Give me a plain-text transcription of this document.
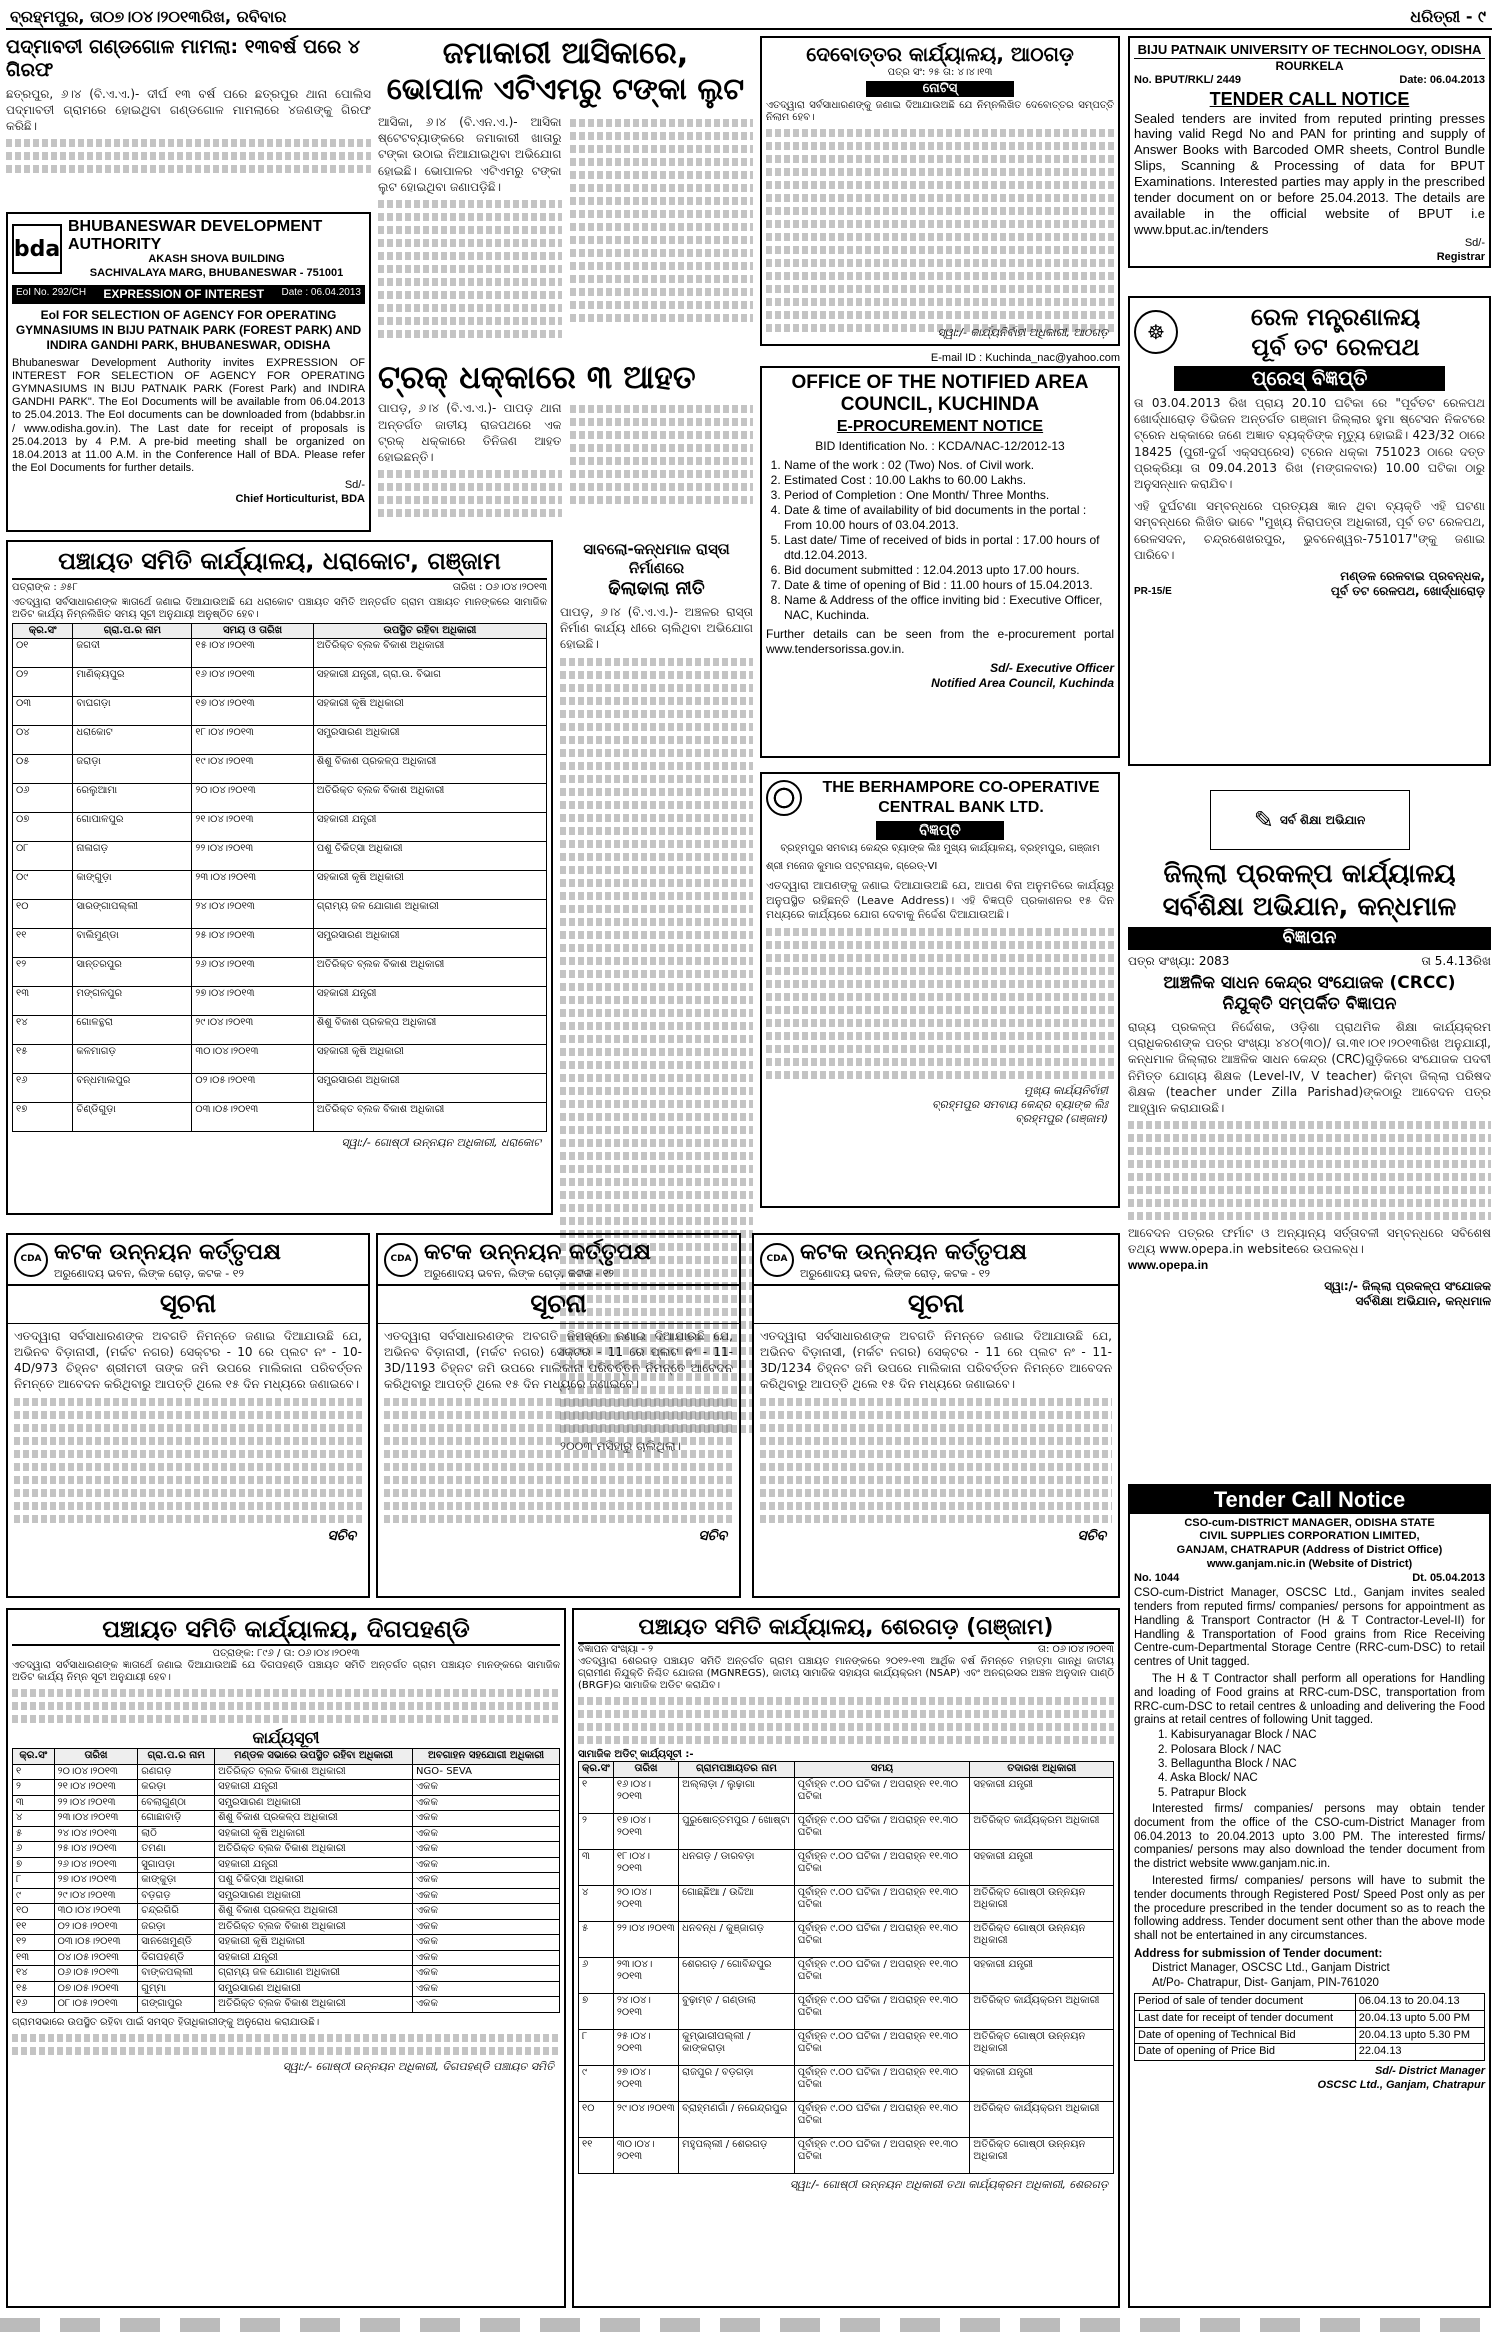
ବ୍ରହ୍ମପୁର, ତା୦୭।୦୪।୨୦୧୩ରିଖ, ରବିବାର	ଧରିତ୍ରୀ - ୯
ପଦ୍ମାବତୀ ଗଣ୍ଡଗୋଳ ମାମଲା: ୧୩ବର୍ଷ ପରେ ୪ ଗିରଫ
ଛତ୍ରପୁର, ୬।୪ (ବି.ଏ.ଏ.)- ଦୀର୍ଘ ୧୩ ବର୍ଷ ପରେ ଛତ୍ରପୁର ଥାନା ପୋଲିସ ପଦ୍ମାବତୀ ଗ୍ରାମରେ ହୋଇଥିବା ଗଣ୍ଡଗୋଳ ମାମଲାରେ ୪ଜଣଙ୍କୁ ଗିରଫ କରିଛି।
bda
BHUBANESWAR DEVELOPMENT AUTHORITY
AKASH SHOVA BUILDING
SACHIVALAYA MARG, BHUBANESWAR - 751001
EoI No. 292/CH EXPRESSION OF INTEREST Date : 06.04.2013
EoI FOR SELECTION OF AGENCY FOR OPERATING GYMNASIUMS IN BIJU PATNAIK PARK (FOREST PARK) AND INDIRA GANDHI PARK, BHUBANESWAR, ODISHA
Bhubaneswar Development Authority invites EXPRESSION OF INTEREST FOR SELECTION OF AGENCY FOR OPERATING GYMNASIUMS IN BIJU PATNAIK PARK (Forest Park) and INDIRA GANDHI PARK". The EoI Documents will be available from 06.04.2013 to 25.04.2013. The EoI documents can be downloaded from (bdabbsr.in / www.odisha.gov.in). The Last date for receipt of proposals is 25.04.2013 by 4 P.M. A pre-bid meeting shall be organized on 18.04.2013 at 11.00 A.M. in the Conference Hall of BDA. Please refer the EoI Documents for further details.
Sd/-
Chief Horticulturist, BDA
ଜମାକାରୀ ଆସିକାରେ,
ଭୋପାଳ ଏଟିଏମରୁ ଟଙ୍କା ଲୁଟ
ଆସିକା, ୬।୪ (ବି.ଏନ.ଏ.)- ଆସିକା ଷ୍ଟେଟବ୍ୟାଙ୍କରେ ଜମାକାରୀ ଖାତାରୁ ଟଙ୍କା ଉଠାଇ ନିଆଯାଇଥିବା ଅଭିଯୋଗ ହୋଇଛି। ଭୋପାଳର ଏଟିଏମରୁ ଟଙ୍କା ଲୁଟ ହୋଇଥିବା ଜଣାପଡ଼ିଛି।
ଟ୍ରକ୍ ଧକ୍କାରେ ୩ ଆହତ
ପାପଡ଼, ୬।୪ (ବି.ଏ.ଏ.)- ପାପଡ଼ ଥାନା ଅନ୍ତର୍ଗତ ଜାତୀୟ ରାଜପଥରେ ଏକ ଟ୍ରକ୍ ଧକ୍କାରେ ତିନିଜଣ ଆହତ ହୋଇଛନ୍ତି।
ପଞ୍ଚାୟତ ସମିତି କାର୍ଯ୍ୟାଳୟ, ଧରାକୋଟ, ଗଞ୍ଜାମ
ପତ୍ରାଙ୍କ : ୬୫୮	ତାରିଖ : ୦୬।୦୪।୨୦୧୩
ଏତଦ୍ୱାରା ସର୍ବସାଧାରଣଙ୍କ ଜ୍ଞାତାର୍ଥେ ଜଣାଇ ଦିଆଯାଉଅଛି ଯେ ଧରାକୋଟ ପଞ୍ଚାୟତ ସମିତି ଅନ୍ତର୍ଗତ ଗ୍ରାମ ପଞ୍ଚାୟତ ମାନଙ୍କରେ ସାମାଜିକ ଅଡିଟ କାର୍ଯ୍ୟ ନିମ୍ନଲିଖିତ ସମୟ ସୂଚୀ ଅନୁଯାୟୀ ଅନୁଷ୍ଠିତ ହେବ।
କ୍ର.ସଂ	ଗ୍ରା.ପ.ର ନାମ	ସମୟ ଓ ତାରିଖ	ଉପସ୍ଥିତ ରହିବା ଅଧିକାରୀ
୦୧	ଜଗଦୀ	୧୫।୦୪।୨୦୧୩	ଅତିରିକ୍ତ ବ୍ଲକ ବିକାଶ ଅଧିକାରୀ
୦୨	ମାଣିକ୍ୟପୁର	୧୬।୦୪।୨୦୧୩	ସହକାରୀ ଯନ୍ତ୍ରୀ, ଗ୍ରା.ଉ. ବିଭାଗ
୦୩	ବାଘଗଡ଼ା	୧୭।୦୪।୨୦୧୩	ସହକାରୀ କୃଷି ଅଧିକାରୀ
୦୪	ଧରାକୋଟ	୧୮।୦୪।୨୦୧୩	ସମ୍ପ୍ରସାରଣ ଅଧିକାରୀ
୦୫	ଜରାଡ଼ା	୧୯।୦୪।୨୦୧୩	ଶିଶୁ ବିକାଶ ପ୍ରକଳ୍ପ ଅଧିକାରୀ
୦୬	ରେଲୁଆମା	୨୦।୦୪।୨୦୧୩	ଅତିରିକ୍ତ ବ୍ଲକ ବିକାଶ ଅଧିକାରୀ
୦୭	ଗୋପାଳପୁର	୨୧।୦୪।୨୦୧୩	ସହକାରୀ ଯନ୍ତ୍ରୀ
୦୮	ନାଳାଗଡ଼	୨୨।୦୪।୨୦୧୩	ପଶୁ ଚିକିତ୍ସା ଅଧିକାରୀ
୦୯	କାଙ୍ଗୁଡ଼ା	୨୩।୦୪।୨୦୧୩	ସହକାରୀ କୃଷି ଅଧିକାରୀ
୧୦	ସାରଙ୍ଗାପଲ୍ଲୀ	୨୪।୦୪।୨୦୧୩	ଗ୍ରାମ୍ୟ ଜଳ ଯୋଗାଣ ଅଧିକାରୀ
୧୧	ବାଲିମୁଣ୍ଡା	୨୫।୦୪।୨୦୧୩	ସମ୍ପ୍ରସାରଣ ଅଧିକାରୀ
୧୨	ସାନ୍ତରପୁର	୨୬।୦୪।୨୦୧୩	ଅତିରିକ୍ତ ବ୍ଲକ ବିକାଶ ଅଧିକାରୀ
୧୩	ମଙ୍ଗଳପୁର	୨୭।୦୪।୨୦୧୩	ସହକାରୀ ଯନ୍ତ୍ରୀ
୧୪	ଗୋଳନ୍ଥରା	୨୯।୦୪।୨୦୧୩	ଶିଶୁ ବିକାଶ ପ୍ରକଳ୍ପ ଅଧିକାରୀ
୧୫	କଳମାଗଡ଼	୩୦।୦୪।୨୦୧୩	ସହକାରୀ କୃଷି ଅଧିକାରୀ
୧୬	ବନ୍ଧମାଲପୁର	୦୨।୦୫।୨୦୧୩	ସମ୍ପ୍ରସାରଣ ଅଧିକାରୀ
୧୭	ଚିଣ୍ଡିଗୁଡ଼ା	୦୩।୦୫।୨୦୧୩	ଅତିରିକ୍ତ ବ୍ଲକ ବିକାଶ ଅଧିକାରୀ
ସ୍ୱା:/- ଗୋଷ୍ଠୀ ଉନ୍ନୟନ ଅଧିକାରୀ, ଧରାକୋଟ
ସାବଲୋ-କନ୍ଧମାଳ ରାସ୍ତା ନିର୍ମାଣରେ
ଢିଲାଢାଲା ନୀତି
ପାପଡ଼, ୬।୪ (ବି.ଏ.ଏ.)- ଅଞ୍ଚଳର ରାସ୍ତା ନିର୍ମାଣ କାର୍ଯ୍ୟ ଧୀରେ ଚାଲିଥିବା ଅଭିଯୋଗ ହୋଇଛି।
୨୦୦୩ ମସିହାରୁ ଚାଲିଥିଲା।
ଦେବୋତ୍ତର କାର୍ଯ୍ୟାଳୟ, ଆଠଗଡ଼
ପତ୍ର ସଂ: ୨୫ ତା: ୪।୪।୧୩
ନୋଟିସ୍
ଏତଦ୍ୱାରା ସର୍ବସାଧାରଣଙ୍କୁ ଜଣାଇ ଦିଆଯାଉଅଛି ଯେ ନିମ୍ନଲିଖିତ ଦେବୋତ୍ତର ସମ୍ପତ୍ତି ନିଲାମ ହେବ।
ସ୍ୱା:/- କାର୍ଯ୍ୟନିର୍ବାହୀ ଅଧିକାରୀ, ଆଠଗଡ଼
E-mail ID : Kuchinda_nac@yahoo.com
OFFICE OF THE NOTIFIED AREA COUNCIL, KUCHINDA
E-PROCUREMENT NOTICE
BID Identification No. : KCDA/NAC-12/2012-13
1. Name of the work : 02 (Two) Nos. of Civil work.
2. Estimated Cost : 10.00 Lakhs to 60.00 Lakhs.
3. Period of Completion : One Month/ Three Months.
4. Date & time of availability of bid documents in the portal : From 10.00 hours of 03.04.2013.
5. Last date/ Time of received of bids in portal : 17.00 hours of dtd.12.04.2013.
6. Bid document submitted : 12.04.2013 upto 17.00 hours.
7. Date & time of opening of Bid : 11.00 hours of 15.04.2013.
8. Name & Address of the office inviting bid : Executive Officer, NAC, Kuchinda.
Further details can be seen from the e-procurement portal www.tendersorissa.gov.in.
Sd/- Executive Officer
Notified Area Council, Kuchinda
THE BERHAMPORE CO-OPERATIVE
CENTRAL BANK LTD.
ବିଜ୍ଞପ୍ତି
ବ୍ରହ୍ମପୁର ସମବାୟ କେନ୍ଦ୍ର ବ୍ୟାଙ୍କ ଲିଃ ମୁଖ୍ୟ କାର୍ଯ୍ୟାଳୟ, ବ୍ରହ୍ମପୁର, ଗଞ୍ଜାମ
ଶ୍ରୀ ମନୋଜ କୁମାର ପଟ୍ଟନାୟକ, ଗ୍ରେଡ୍-VI
ଏତଦ୍ୱାରା ଆପଣଙ୍କୁ ଜଣାଇ ଦିଆଯାଉଅଛି ଯେ, ଆପଣ ବିନା ଅନୁମତିରେ କାର୍ଯ୍ୟରୁ ଅନୁପସ୍ଥିତ ରହିଛନ୍ତି (Leave Address)। ଏହି ବିଜ୍ଞପ୍ତି ପ୍ରକାଶନର ୧୫ ଦିନ ମଧ୍ୟରେ କାର୍ଯ୍ୟରେ ଯୋଗ ଦେବାକୁ ନିର୍ଦ୍ଦେଶ ଦିଆଯାଉଅଛି।
ମୁଖ୍ୟ କାର୍ଯ୍ୟନିର୍ବାହୀ
ବ୍ରହ୍ମପୁର ସମବାୟ କେନ୍ଦ୍ର ବ୍ୟାଙ୍କ ଲିଃ
ବ୍ରହ୍ମପୁର (ଗଞ୍ଜାମ)
BIJU PATNAIK UNIVERSITY OF TECHNOLOGY, ODISHA
ROURKELA
No. BPUT/RKL/ 2449	Date: 06.04.2013
TENDER CALL NOTICE
Sealed tenders are invited from reputed printing presses having valid Regd No and PAN for printing and supply of Answer Books with Barcoded OMR sheets, Control Bundle Slips, Scanning & Processing of data for BPUT Examinations. Interested parties may apply in the prescribed tender document on or before 25.04.2013. The details are available in the official website of BPUT i.e www.bput.ac.in/tenders
Sd/-
Registrar
☸
ରେଳ ମନ୍ତ୍ରଣାଳୟ
ପୂର୍ବ ତଟ ରେଳପଥ
ପ୍ରେସ୍ ବିଜ୍ଞପ୍ତି
ତା 03.04.2013 ରିଖ ପ୍ରାୟ 20.10 ଘଟିକା ରେ "ପୂର୍ବତଟ ରେଳପଥ ଖୋର୍ଦ୍ଧାରୋଡ଼ ଡିଭିଜନ ଅନ୍ତର୍ଗତ ଗଞ୍ଜାମ ଜିଲ୍ଲାର ହୁମା ଷ୍ଟେସନ ନିକଟରେ ଟ୍ରେନ ଧକ୍କାରେ ଜଣେ ଅଜ୍ଞାତ ବ୍ୟକ୍ତିଙ୍କ ମୃତ୍ୟୁ ହୋଇଛି। 423/32 ଠାରେ 18425 (ପୁରୀ-ଦୁର୍ଗ ଏକ୍ସପ୍ରେସ) ଟ୍ରେନ ଧକ୍କା 751023 ଠାରେ ଦତ୍ତ ପ୍ରକ୍ରିୟା ତା 09.04.2013 ରିଖ (ମଙ୍ଗଳବାର) 10.00 ଘଟିକା ଠାରୁ ଅନୁସନ୍ଧାନ କରାଯିବ।
ଏହି ଦୁର୍ଘଟଣା ସମ୍ବନ୍ଧରେ ପ୍ରତ୍ୟକ୍ଷ ଜ୍ଞାନ ଥିବା ବ୍ୟକ୍ତି ଏହି ଘଟଣା ସମ୍ବନ୍ଧରେ ଲିଖିତ ଭାବେ "ମୁଖ୍ୟ ନିରାପତ୍ତା ଅଧିକାରୀ, ପୂର୍ବ ତଟ ରେଳପଥ, ରେଳସଦନ, ଚନ୍ଦ୍ରଶେଖରପୁର, ଭୁବନେଶ୍ୱର-751017"ଙ୍କୁ ଜଣାଇ ପାରିବେ।
PR-15/E
ମଣ୍ଡଳ ରେଳବାଇ ପ୍ରବନ୍ଧକ,
ପୂର୍ବ ତଟ ରେଳପଥ, ଖୋର୍ଦ୍ଧାରୋଡ଼
✎ ସର୍ବ ଶିକ୍ଷା ଅଭିଯାନ
ଜିଲ୍ଲା ପ୍ରକଳ୍ପ କାର୍ଯ୍ୟାଳୟ
ସର୍ବଶିକ୍ଷା ଅଭିଯାନ, କନ୍ଧମାଳ
ବିଜ୍ଞାପନ
ପତ୍ର ସଂଖ୍ୟା: 2083	ତା 5.4.13ରିଖ
ଆଞ୍ଚଳିକ ସାଧନ କେନ୍ଦ୍ର ସଂଯୋଜକ (CRCC)
ନିଯୁକ୍ତି ସମ୍ପର୍କିତ ବିଜ୍ଞାପନ
ରାଜ୍ୟ ପ୍ରକଳ୍ପ ନିର୍ଦ୍ଦେଶକ, ଓଡ଼ିଶା ପ୍ରାଥମିକ ଶିକ୍ଷା କାର୍ଯ୍ୟକ୍ରମ ପ୍ରାଧିକରଣଙ୍କ ପତ୍ର ସଂଖ୍ୟା ୪୪୦(୩୦)/ ତା.୩୧।୦୧।୨୦୧୩ରିଖ ଅନୁଯାୟୀ, କନ୍ଧମାଳ ଜିଲ୍ଲାର ଆଞ୍ଚଳିକ ସାଧନ କେନ୍ଦ୍ର (CRC)ଗୁଡ଼ିକରେ ସଂଯୋଜକ ପଦବୀ ନିମିତ୍ତ ଯୋଗ୍ୟ ଶିକ୍ଷକ (Level-IV, V teacher) କିମ୍ବା ଜିଲ୍ଲା ପରିଷଦ ଶିକ୍ଷକ (teacher under Zilla Parishad)ଙ୍କଠାରୁ ଆବେଦନ ପତ୍ର ଆହ୍ୱାନ କରାଯାଉଛି।
ଆବେଦନ ପତ୍ରର ଫର୍ମାଟ ଓ ଅନ୍ୟାନ୍ୟ ସର୍ତ୍ତାବଳୀ ସମ୍ବନ୍ଧରେ ସବିଶେଷ ତଥ୍ୟ www.opepa.in websiteରେ ଉପଲବ୍ଧ।
www.opepa.in
ସ୍ୱା:/- ଜିଲ୍ଲା ପ୍ରକଳ୍ପ ସଂଯୋଜକ
ସର୍ବଶିକ୍ଷା ଅଭିଯାନ, କନ୍ଧମାଳ
CDA କଟକ ଉନ୍ନୟନ କର୍ତ୍ତୃପକ୍ଷ
ଅରୁଣୋଦୟ ଭବନ, ଲିଙ୍କ ରୋଡ଼, କଟକ - ୧୨
ସୂଚନା
ଏତଦ୍ୱାରା ସର୍ବସାଧାରଣଙ୍କ ଅବଗତି ନିମନ୍ତେ ଜଣାଇ ଦିଆଯାଉଛି ଯେ, ଅଭିନବ ବିଡ଼ାନାସୀ, (ମର୍କଟ ନଗର) ସେକ୍ଟର - 10 ରେ ପ୍ଲଟ ନଂ - 10-4D/973 ଚିହ୍ନଟ ଶ୍ରୀମତୀ ତାଙ୍କ ଜମି ଉପରେ ମାଲିକାନା ପରିବର୍ତ୍ତନ ନିମନ୍ତେ ଆବେଦନ କରିଥିବାରୁ ଆପତ୍ତି ଥିଲେ ୧୫ ଦିନ ମଧ୍ୟରେ ଜଣାଇବେ।
ସଚିବ
CDA କଟକ ଉନ୍ନୟନ କର୍ତ୍ତୃପକ୍ଷ
ଅରୁଣୋଦୟ ଭବନ, ଲିଙ୍କ ରୋଡ଼, କଟକ - ୧୨
ସୂଚନା
ଏତଦ୍ୱାରା ସର୍ବସାଧାରଣଙ୍କ ଅବଗତି ନିମନ୍ତେ ଜଣାଇ ଦିଆଯାଉଛି ଯେ, ଅଭିନବ ବିଡ଼ାନାସୀ, (ମର୍କଟ ନଗର) ସେକ୍ଟର - 11 ରେ ପ୍ଲଟ ନଂ - 11-3D/1193 ଚିହ୍ନଟ ଜମି ଉପରେ ମାଲିକାନା ପରିବର୍ତ୍ତନ ନିମନ୍ତେ ଆବେଦନ କରିଥିବାରୁ ଆପତ୍ତି ଥିଲେ ୧୫ ଦିନ ମଧ୍ୟରେ ଜଣାଇବେ।
ସଚିବ
CDA କଟକ ଉନ୍ନୟନ କର୍ତ୍ତୃପକ୍ଷ
ଅରୁଣୋଦୟ ଭବନ, ଲିଙ୍କ ରୋଡ଼, କଟକ - ୧୨
ସୂଚନା
ଏତଦ୍ୱାରା ସର୍ବସାଧାରଣଙ୍କ ଅବଗତି ନିମନ୍ତେ ଜଣାଇ ଦିଆଯାଉଛି ଯେ, ଅଭିନବ ବିଡ଼ାନାସୀ, (ମର୍କଟ ନଗର) ସେକ୍ଟର - 11 ରେ ପ୍ଲଟ ନଂ - 11-3D/1234 ଚିହ୍ନଟ ଜମି ଉପରେ ମାଲିକାନା ପରିବର୍ତ୍ତନ ନିମନ୍ତେ ଆବେଦନ କରିଥିବାରୁ ଆପତ୍ତି ଥିଲେ ୧୫ ଦିନ ମଧ୍ୟରେ ଜଣାଇବେ।
ସଚିବ
ପଞ୍ଚାୟତ ସମିତି କାର୍ଯ୍ୟାଳୟ, ଦିଗପହଣ୍ଡି
ପତ୍ରାଙ୍କ: ୮୯୬ / ତା: ୦୬।୦୪।୨୦୧୩
ଏତଦ୍ୱାରା ସର୍ବସାଧାରଣଙ୍କ ଜ୍ଞାତାର୍ଥେ ଜଣାଇ ଦିଆଯାଉଅଛି ଯେ ଦିଗପହଣ୍ଡି ପଞ୍ଚାୟତ ସମିତି ଅନ୍ତର୍ଗତ ଗ୍ରାମ ପଞ୍ଚାୟତ ମାନଙ୍କରେ ସାମାଜିକ ଅଡିଟ କାର୍ଯ୍ୟ ନିମ୍ନ ସୂଚୀ ଅନୁଯାୟୀ ହେବ।
କାର୍ଯ୍ୟସୂଚୀ
କ୍ର.ସଂ	ତାରିଖ	ଗ୍ରା.ପ.ର ନାମ	ମଣ୍ଡଳ ସଭାରେ ଉପସ୍ଥିତ ରହିବା ଅଧିକାରୀ	ଅବଗାହନ ସହଯୋଗୀ ଅଧିକାରୀ
୧	୨୦।୦୪।୨୦୧୩	ରଣଗଡ଼	ଅତିରିକ୍ତ ବ୍ଲକ ବିକାଶ ଅଧିକାରୀ	NGO- SEVA
୨	୨୧।୦୪।୨୦୧୩	କରଡ଼ା	ସହକାରୀ ଯନ୍ତ୍ରୀ	ଏକକ
୩	୨୨।୦୪।୨୦୧୩	ବେଲାଗୁଣ୍ଠା	ସମ୍ପ୍ରସାରଣ ଅଧିକାରୀ	ଏକକ
୪	୨୩।୦୪।୨୦୧୩	ଗୋଛାବାଡ଼ି	ଶିଶୁ ବିକାଶ ପ୍ରକଳ୍ପ ଅଧିକାରୀ	ଏକକ
୫	୨୪।୦୪।୨୦୧୩	ଲାଠି	ସହକାରୀ କୃଷି ଅଧିକାରୀ	ଏକକ
୬	୨୫।୦୪।୨୦୧୩	ତମଣା	ଅତିରିକ୍ତ ବ୍ଲକ ବିକାଶ ଅଧିକାରୀ	ଏକକ
୭	୨୬।୦୪।୨୦୧୩	ସୁଗାପଡ଼ା	ସହକାରୀ ଯନ୍ତ୍ରୀ	ଏକକ
୮	୨୭।୦୪।୨୦୧୩	କାଙ୍କୁଡ଼ା	ପଶୁ ଚିକିତ୍ସା ଅଧିକାରୀ	ଏକକ
୯	୨୯।୦୪।୨୦୧୩	ବଡ଼ଗଡ଼	ସମ୍ପ୍ରସାରଣ ଅଧିକାରୀ	ଏକକ
୧୦	୩୦।୦୪।୨୦୧୩	ଚନ୍ଦ୍ରଗିରି	ଶିଶୁ ବିକାଶ ପ୍ରକଳ୍ପ ଅଧିକାରୀ	ଏକକ
୧୧	୦୨।୦୫।୨୦୧୩	ଜରଡ଼ା	ଅତିରିକ୍ତ ବ୍ଲକ ବିକାଶ ଅଧିକାରୀ	ଏକକ
୧୨	୦୩।୦୫।୨୦୧୩	ସାନଖେମୁଣ୍ଡି	ସହକାରୀ କୃଷି ଅଧିକାରୀ	ଏକକ
୧୩	୦୪।୦୫।୨୦୧୩	ଦିଗପହଣ୍ଡି	ସହକାରୀ ଯନ୍ତ୍ରୀ	ଏକକ
୧୪	୦୬।୦୫।୨୦୧୩	ବାଙ୍କପଲ୍ଲୀ	ଗ୍ରାମ୍ୟ ଜଳ ଯୋଗାଣ ଅଧିକାରୀ	ଏକକ
୧୫	୦୭।୦୫।୨୦୧୩	ଗୁମ୍ମା	ସମ୍ପ୍ରସାରଣ ଅଧିକାରୀ	ଏକକ
୧୬	୦୮।୦୫।୨୦୧୩	ଗଙ୍ଗାପୁର	ଅତିରିକ୍ତ ବ୍ଲକ ବିକାଶ ଅଧିକାରୀ	ଏକକ
ଗ୍ରାମସଭାରେ ଉପସ୍ଥିତ ରହିବା ପାଇଁ ସମସ୍ତ ହିତାଧିକାରୀଙ୍କୁ ଅନୁରୋଧ କରାଯାଉଛି।
ସ୍ୱା:/- ଗୋଷ୍ଠୀ ଉନ୍ନୟନ ଅଧିକାରୀ, ଦିଗପହଣ୍ଡି ପଞ୍ଚାୟତ ସମିତି
ପଞ୍ଚାୟତ ସମିତି କାର୍ଯ୍ୟାଳୟ, ଶେରଗଡ଼ (ଗଞ୍ଜାମ)
ବିଜ୍ଞାପନ ସଂଖ୍ୟା - ୨	ତା: ୦୬।୦୪।୨୦୧୩
ଏତଦ୍ୱାରା ଶେରଗଡ଼ ପଞ୍ଚାୟତ ସମିତି ଅନ୍ତର୍ଗତ ଗ୍ରାମ ପଞ୍ଚାୟତ ମାନଙ୍କରେ ୨୦୧୨-୧୩ ଆର୍ଥିକ ବର୍ଷ ନିମନ୍ତେ ମହାତ୍ମା ଗାନ୍ଧି ଜାତୀୟ ଗ୍ରାମୀଣ ନିଯୁକ୍ତି ନିଶ୍ଚିତ ଯୋଜନା (MGNREGS), ଜାତୀୟ ସାମାଜିକ ସହାୟତା କାର୍ଯ୍ୟକ୍ରମ (NSAP) ଏବଂ ଅନଗ୍ରସର ଅଞ୍ଚଳ ଅନୁଦାନ ପାଣ୍ଠି (BRGF)ର ସାମାଜିକ ଅଡିଟ କରାଯିବ।
ସାମାଜିକ ଅଡିଟ୍ କାର୍ଯ୍ୟସୂଚୀ :-
କ୍ର.ସଂ	ତାରିଖ	ଗ୍ରାମପଞ୍ଚାୟତର ନାମ	ସମୟ	ତଦାରଖ ଅଧିକାରୀ
୧	୧୬।୦୪।୨୦୧୩	ଅଲ୍ଲାଡ଼ା / ଲୁଢ଼ାଗା	ପୂର୍ବାହ୍ନ ୯.୦୦ ଘଟିକା / ଅପରାହ୍ନ ୧୧.୩୦ ଘଟିକା	ସହକାରୀ ଯନ୍ତ୍ରୀ
୨	୧୭।୦୪।୨୦୧୩	ପୁରୁଷୋତ୍ତମପୁର / ଖୋଷ୍ଟା	ପୂର୍ବାହ୍ନ ୯.୦୦ ଘଟିକା / ଅପରାହ୍ନ ୧୧.୩୦ ଘଟିକା	ଅତିରିକ୍ତ କାର୍ଯ୍ୟକ୍ରମ ଅଧିକାରୀ
୩	୧୮।୦୪।୨୦୧୩	ଧନଗଡ଼ / ଡାରବଡ଼ା	ପୂର୍ବାହ୍ନ ୯.୦୦ ଘଟିକା / ଅପରାହ୍ନ ୧୧.୩୦ ଘଟିକା	ସହକାରୀ ଯନ୍ତ୍ରୀ
୪	୨୦।୦୪।୨୦୧୩	ଗୋଛ୍ଛିଆ / ଉଦ୍ଦିଆ	ପୂର୍ବାହ୍ନ ୯.୦୦ ଘଟିକା / ଅପରାହ୍ନ ୧୧.୩୦ ଘଟିକା	ଅତିରିକ୍ତ ଗୋଷ୍ଠୀ ଉନ୍ନୟନ ଅଧିକାରୀ
୫	୨୨।୦୪।୨୦୧୩	ଧନବନ୍ଧ / କୁଞ୍ଜାଗଡ଼	ପୂର୍ବାହ୍ନ ୯.୦୦ ଘଟିକା / ଅପରାହ୍ନ ୧୧.୩୦ ଘଟିକା	ଅତିରିକ୍ତ ଗୋଷ୍ଠୀ ଉନ୍ନୟନ ଅଧିକାରୀ
୬	୨୩।୦୪।୨୦୧୩	ଶେରଗଡ଼ / ଗୋବିନ୍ଦପୁର	ପୂର୍ବାହ୍ନ ୯.୦୦ ଘଟିକା / ଅପରାହ୍ନ ୧୧.୩୦ ଘଟିକା	ସହକାରୀ ଯନ୍ତ୍ରୀ
୭	୨୪।୦୪।୨୦୧୩	ବୁଢ଼ାମ୍ବ / ଗଣ୍ଡାଲା	ପୂର୍ବାହ୍ନ ୯.୦୦ ଘଟିକା / ଅପରାହ୍ନ ୧୧.୩୦ ଘଟିକା	ଅତିରିକ୍ତ କାର୍ଯ୍ୟକ୍ରମ ଅଧିକାରୀ
୮	୨୫।୦୪।୨୦୧୩	କୁମ୍ଭାରୀପଲ୍ଲୀ / କାଙ୍କରାଡ଼ା	ପୂର୍ବାହ୍ନ ୯.୦୦ ଘଟିକା / ଅପରାହ୍ନ ୧୧.୩୦ ଘଟିକା	ଅତିରିକ୍ତ ଗୋଷ୍ଠୀ ଉନ୍ନୟନ ଅଧିକାରୀ
୯	୨୭।୦୪।୨୦୧୩	ରାଜପୁର / ବଡ଼ଗଡ଼ା	ପୂର୍ବାହ୍ନ ୯.୦୦ ଘଟିକା / ଅପରାହ୍ନ ୧୧.୩୦ ଘଟିକା	ସହକାରୀ ଯନ୍ତ୍ରୀ
୧୦	୨୯।୦୪।୨୦୧୩	ବ୍ରାହ୍ମଣଗାଁ / ନରେନ୍ଦ୍ରପୁର	ପୂର୍ବାହ୍ନ ୯.୦୦ ଘଟିକା / ଅପରାହ୍ନ ୧୧.୩୦ ଘଟିକା	ଅତିରିକ୍ତ କାର୍ଯ୍ୟକ୍ରମ ଅଧିକାରୀ
୧୧	୩୦।୦୪।୨୦୧୩	ମହୁପଲ୍ଲୀ / ଶେରଗଡ଼	ପୂର୍ବାହ୍ନ ୯.୦୦ ଘଟିକା / ଅପରାହ୍ନ ୧୧.୩୦ ଘଟିକା	ଅତିରିକ୍ତ ଗୋଷ୍ଠୀ ଉନ୍ନୟନ ଅଧିକାରୀ
ସ୍ୱା:/- ଗୋଷ୍ଠୀ ଉନ୍ନୟନ ଅଧିକାରୀ ତଥା କାର୍ଯ୍ୟକ୍ରମ ଅଧିକାରୀ, ଶେରଗଡ଼
Tender Call Notice
CSO-cum-DISTRICT MANAGER, ODISHA STATE
CIVIL SUPPLIES CORPORATION LIMITED,
GANJAM, CHATRAPUR (Address of District Office)
www.ganjam.nic.in (Website of District)
No. 1044	Dt. 05.04.2013
CSO-cum-District Manager, OSCSC Ltd., Ganjam invites sealed tenders from reputed firms/ companies/ persons for appointment as Handling & Transport Contractor (H & T Contractor-Level-II) for Handling & Transportation of Food grains from Rice Receiving Centre-cum-Departmental Storage Centre (RRC-cum-DSC) to retail centres of Unit tagged.
The H & T Contractor shall perform all operations for Handling and loading of Food grains at RRC-cum-DSC, transportation from RRC-cum-DSC to retail centres & unloading and delivering the Food grains at retail centres of following Unit tagged.
1. Kabisuryanagar Block / NAC
2. Polosara Block / NAC
3. Bellaguntha Block / NAC
4. Aska Block/ NAC
5. Patrapur Block
Interested firms/ companies/ persons may obtain tender document from the office of the CSO-cum-District Manager from 06.04.2013 to 20.04.2013 upto 3.00 PM. The interested firms/ companies/ persons may also download the tender document from the district website www.ganjam.nic.in.
Interested firms/ companies/ persons will have to submit the tender documents through Registered Post/ Speed Post only as per the procedure prescribed in the tender document so as to reach the following address. Tender document sent other than the above mode shall not be entertained in any circumstances.
Address for submission of Tender document:
District Manager, OSCSC Ltd., Ganjam District
At/Po- Chatrapur, Dist- Ganjam, PIN-761020
Period of sale of tender document	06.04.13 to 20.04.13
Last date for receipt of tender document	20.04.13 upto 5.00 PM
Date of opening of Technical Bid	20.04.13 upto 5.30 PM
Date of opening of Price Bid	22.04.13
Sd/- District Manager
OSCSC Ltd., Ganjam, Chatrapur
